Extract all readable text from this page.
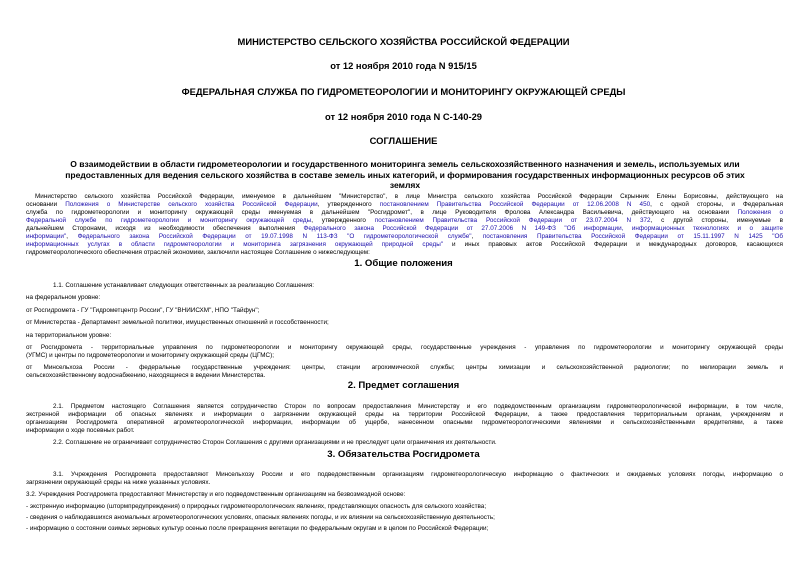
МИНИСТЕРСТВО СЕЛЬСКОГО ХОЗЯЙСТВА РОССИЙСКОЙ ФЕДЕРАЦИИ
от 12 ноября 2010 года N 915/15
ФЕДЕРАЛЬНАЯ СЛУЖБА ПО ГИДРОМЕТЕОРОЛОГИИ И МОНИТОРИНГУ ОКРУЖАЮЩЕЙ СРЕДЫ
от 12 ноября 2010 года N С-140-29
СОГЛАШЕНИЕ
О взаимодействии в области гидрометеорологии и государственного мониторинга земель сельскохозяйственного назначения и земель, используемых или
предоставленных для ведения сельского хозяйства в составе земель иных категорий, и формирования государственных информационных ресурсов об этих
землях
Министерство сельского хозяйства Российской Федерации, именуемое в дальнейшем "Министерство", в лице Министра сельского хозяйства Российской Федерации Скрынник Елены Борисовны, действующего на
основании Положения о Министерстве сельского хозяйства Российской Федерации, утвержденного постановлением Правительства Российской Федерации от 12.06.2008 N 450, с одной стороны, и Федеральная
служба по гидрометеорологии и мониторингу окружающей среды именуемая в дальнейшем "Росгидромет", в лице Руководителя Фролова Александра Васильевича, действующего на основании Положения о
Федеральной службе по гидрометеорологии и мониторингу окружающей среды, утвержденного постановлением Правительства Российской Федерации от 23.07.2004 N 372, с другой стороны, именуемые в
дальнейшем Сторонами, исходя из необходимости обеспечения выполнения Федерального закона Российской Федерации от 27.07.2006 N 149-ФЗ "Об информации, информационных технологиях и о защите
информации", Федерального закона Российской Федерации от 19.07.1998 N 113-ФЗ "О гидрометеорологической службе", постановления Правительства Российской Федерации от 15.11.1997 N 1425 "Об
информационных услугах в области гидрометеорологии и мониторинга загрязнения окружающей природной среды" и иных правовых актов Российской Федерации и международных договоров, касающихся
гидрометеорологического обеспечения отраслей экономики, заключили настоящее Соглашение о нижеследующем:
1. Общие положения
1.1. Соглашение устанавливает следующих ответственных за реализацию Соглашения:
на федеральном уровне:
от Росгидромета - ГУ "Гидрометцентр России", ГУ "ВНИИСХМ", НПО "Тайфун";
от Министерства - Департамент земельной политики, имущественных отношений и госсобственности;
на территориальном уровне:
от Росгидромета - территориальные управления по гидрометеорологии и мониторингу окружающей среды, государственные учреждения - управления по гидрометеорологии и мониторингу окружающей среды
(УГМС) и центры по гидрометеорологии и мониторингу окружающей среды (ЦГМС);
от Минсельхоза России - федеральные государственные учреждения: центры, станции агрохимической службы; центры химизации и сельскохозяйственной радиологии; по мелиорации земель и
сельскохозяйственному водоснабжению, находящиеся в ведении Министерства.
2. Предмет соглашения
2.1. Предметом настоящего Соглашения является сотрудничество Сторон по вопросам предоставления Министерству и его подведомственным организациям гидрометеорологической информации, в том числе,
экстренной информации об опасных явлениях и информации о загрязнении окружающей среды на территории Российской Федерации, а также предоставления территориальным органам, учреждениям и
организациям Росгидромета оперативной агрометеорологической информации, информации об ущербе, нанесенном опасными гидрометеорологическими явлениями и сельскохозяйственными вредителями, а также
информации о ходе посевных работ.
2.2. Соглашение не ограничивает сотрудничество Сторон Соглашения с другими организациями и не преследует цели ограничения их деятельности.
3. Обязательства Росгидромета
3.1. Учреждения Росгидромета предоставляют Минсельхозу России и его подведомственным организациям гидрометеорологическую информацию о фактических и ожидаемых условиях погоды, информацию о
загрязнении окружающей среды на ниже указанных условиях.
3.2. Учреждения Росгидромета предоставляют Министерству и его подведомственным организациям на безвозмездной основе:
- экстренную информацию (штормпредупреждения) о природных гидрометеорологических явлениях, представляющих опасность для сельского хозяйства;
- сведения о наблюдавшихся аномальных агрометеорологических условиях, опасных явлениях погоды, и их влиянии на сельскохозяйственную деятельность;
- информацию о состоянии озимых зерновых культур осенью после прекращения вегетации по федеральным округам и в целом по Российской Федерации;
